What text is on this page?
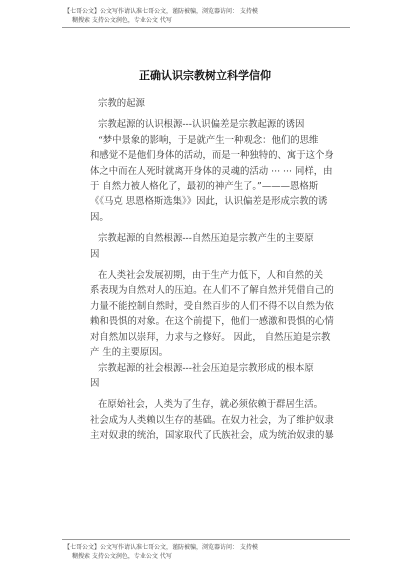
【七哥公文】公文写作请认准七哥公文，谨防被骗，浏览器访问： 支持模
糊搜索 支持公文润色，专业公文 代写
正确认识宗教树立科学信仰

宗教的起源

宗教起源的认识根源---认识偏差是宗教起源的诱因

“梦中景象的影响，于是就产生一种观念：他们的思维

和感觉不是他们身体的活动，而是一种独特的、寓于这个身

体之中而在人死时就离开身体的灵魂的活动 ··· ··· 同样，由

于 自然力被人格化了，最初的神产生了。”———恩格斯

《《马克 思恩格斯选集》》因此，认识偏差是形成宗教的诱

因。

宗教起源的自然根源---自然压迫是宗教产生的主要原

因

在人类社会发展初期，由于生产力低下，人和自然的关

系表现为自然对人的压迫。在人们不了解自然并凭借自己的

力量不能控制自然时，受自然百步的人们不得不以自然为依

赖和畏惧的对象。在这个前提下，他们一感激和畏惧的心情

对自然加以崇拜，力求与之修好。 因此， 自然压迫是宗教

产 生的主要原因。

宗教起源的社会根源---社会压迫是宗教形成的根本原

因

在原始社会，人类为了生存，就必须依赖于群居生活。

社会成为人类赖以生存的基础。在奴力社会，为了维护奴隶

主对奴隶的统治，国家取代了氏族社会，成为统治奴隶的暴

【七哥公文】公文写作请认准七哥公文，谨防被骗，浏览器访问： 支持模
糊搜索 支持公文润色，专业公文 代写
